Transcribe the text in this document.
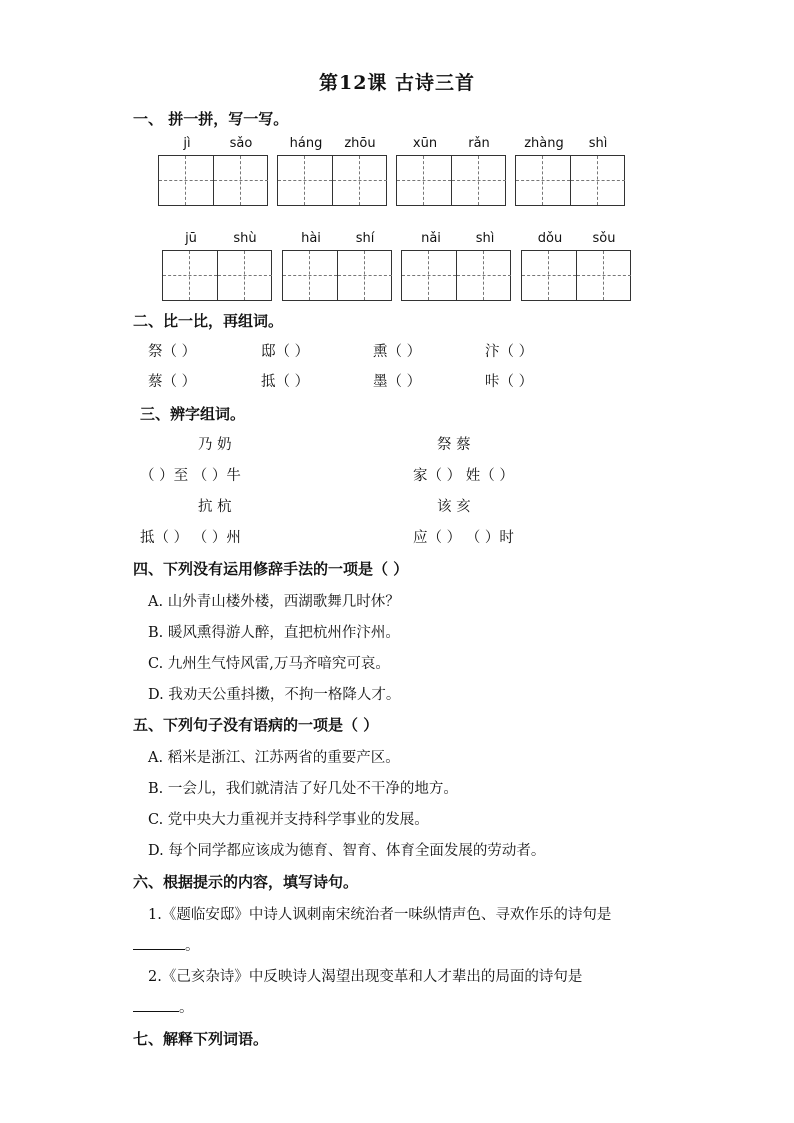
第12课 古诗三首
一、 拼一拼，写一写。
jì	sǎo	háng	zhōu	xūn	rǎn	zhàng	shì
jū	shù	hài	shí	nǎi	shì	dǒu	sǒu
二、比一比，再组词。
祭（ ）	邸（ ）	熏（ ）	汴（ ）
蔡（ ）	抵（ ）	墨（ ）	咔（ ）
三、辨字组词。
乃 奶	祭 蔡
（ ）至 （ ）牛	家（ ） 姓（ ）
抗 杭	该 亥
抵（ ） （ ）州	应（ ） （ ）时
四、下列没有运用修辞手法的一项是（ ）
A. 山外青山楼外楼，西湖歌舞几时休？
B. 暖风熏得游人醉，直把杭州作汴州。
C. 九州生气恃风雷,万马齐喑究可哀。
D. 我劝天公重抖擞，不拘一格降人才。
五、下列句子没有语病的一项是（ ）
A. 稻米是浙江、江苏两省的重要产区。
B. 一会儿，我们就清洁了好几处不干净的地方。
C. 党中央大力重视并支持科学事业的发展。
D. 每个同学都应该成为德育、智育、体育全面发展的劳动者。
六、根据提示的内容，填写诗句。
1.《题临安邸》中诗人讽刺南宋统治者一味纵情声色、寻欢作乐的诗句是
。
2.《己亥杂诗》中反映诗人渴望出现变革和人才辈出的局面的诗句是
。
七、解释下列词语。
